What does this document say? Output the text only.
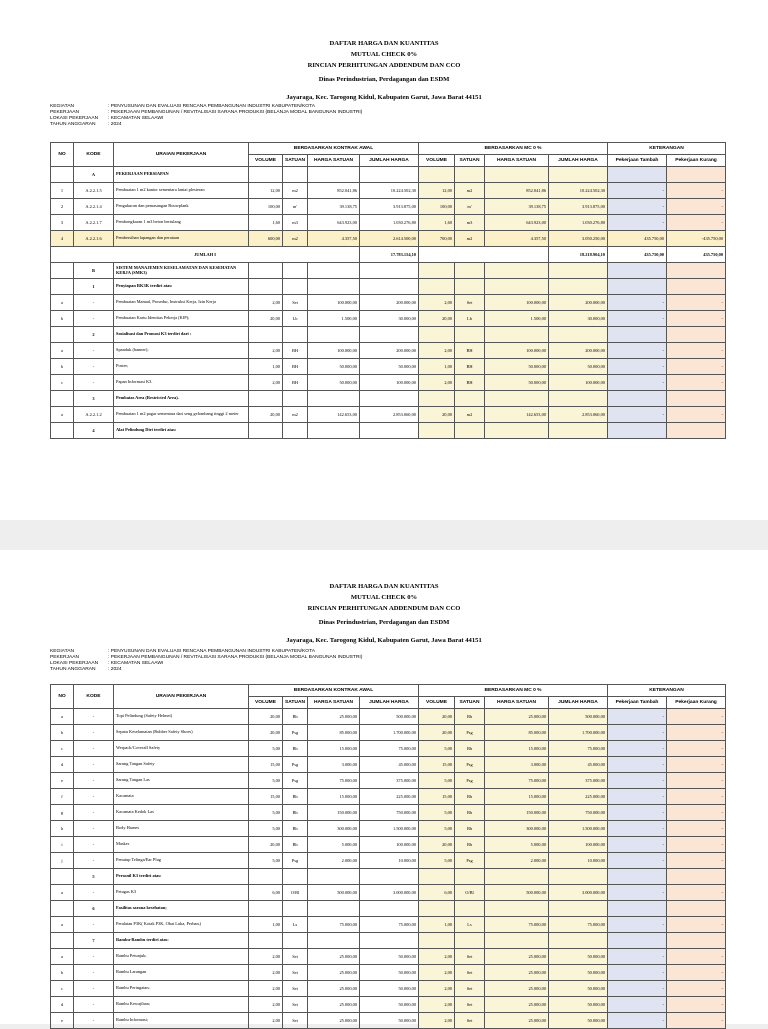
DAFTAR HARGA DAN KUANTITAS
MUTUAL CHECK 0%
RINCIAN PERHITUNGAN ADDENDUM DAN CCO
Dinas Perindustrian, Perdagangan dan ESDM
Jayaraga, Kec. Tarogong Kidul, Kabupaten Garut, Jawa Barat 44151
KEGIATAN	: PENYUSUNAN DAN EVALUASI RENCANA PEMBANGUNAN INDUSTRI KABUPATEN/KOTA
PEKERJAAN	: PEKERJAAN PEMBANGUNAN / REVITALISASI SARANA PRODUKSI (BELANJA MODAL BANGUNAN INDUSTRI)
LOKASI PEKERJAAN	: KECAMATAN SELAAWI
TAHUN ANGGARAN	: 2024
NO	KODE	URAIAN PEKERJAAN	BERDASARKAN KONTRAK AWAL				BERDASARKAN MC 0 %				KETERANGAN	
			VOLUME	SATUAN	HARGA SATUAN	JUMLAH HARGA	VOLUME	SATUAN	HARGA SATUAN	JUMLAH HARGA	Pekerjaan Tambah	Pekerjaan Kurang
	A	PEKERJAAN PERSIAPAN										
1	A.2.2.1.5	Pembuatan 1 m2 kantor sementara lantai plesteran	12,00	m2	852.041,86	10.224.502,30	12,00	m2	852.041,86	10.224.502,30	-	-
2	A.2.2.1.4	Pengukuran dan pemasangan Bouwplank	100,00	m'	39.138,75	3.913.875,00	100,00	m'	39.138,75	3.913.875,00	-	-
3	A.2.2.1.7	Pembongkaran 1 m3 beton bertulang	1,60	m3	643.923,00	1.030.276,80	1,60	m3	643.923,00	1.030.276,80	-	-
4	A.2.2.1.6	Pembersihan lapangan dan perataan	600,00	m2	4.357,50	2.614.500,00	700,00	m2	4.357,50	3.050.250,00	435.750,00	-435.750,00
JUMLAH I						17.783.154,10				18.218.904,10	435.750,00	435.750,00
	B	SISTEM MANAJEMEN KESELAMATAN DAN KESEHATAN KERJA (SMK3)										
	1	Penyiapan RK3K terdiri atas:										
a	-	Pembuatan Manual, Prosedur, Instruksi Kerja, Izin Kerja	2,00	Set	100.000,00	200.000,00	2,00	Set	100.000,00	200.000,00	-	-
b	-	Pembuatan Kartu Identitas Pekerja (KIP);	20,00	Lb	1.500,00	30.000,00	20,00	Lb	1.500,00	30.000,00	-	-
	2	Sosialisasi dan Promosi K3 terdiri dari :										
a	-	Spanduk (banner);	2,00	BH	100.000,00	200.000,00	2,00	BH	100.000,00	200.000,00	-	-
b	-	Poster;	1,00	BH	50.000,00	50.000,00	1,00	BH	50.000,00	50.000,00	-	-
c	-	Papan Informasi K3.	2,00	BH	50.000,00	100.000,00	2,00	BH	50.000,00	100.000,00	-	-
	3	Pembatas Area (Restricted Area).										
a	A.2.2.1.2	Pembuatan 1 m2 pagar sementara dari seng gelombang tinggi 2 meter	20,00	m2	142.653,00	2.853.060,00	20,00	m2	142.653,00	2.853.060,00	-	-
	4	Alat Pelindung Diri terdiri atas:										
DAFTAR HARGA DAN KUANTITAS
MUTUAL CHECK 0%
RINCIAN PERHITUNGAN ADDENDUM DAN CCO
Dinas Perindustrian, Perdagangan dan ESDM
Jayaraga, Kec. Tarogong Kidul, Kabupaten Garut, Jawa Barat 44151
KEGIATAN	: PENYUSUNAN DAN EVALUASI RENCANA PEMBANGUNAN INDUSTRI KABUPATEN/KOTA
PEKERJAAN	: PEKERJAAN PEMBANGUNAN / REVITALISASI SARANA PRODUKSI (BELANJA MODAL BANGUNAN INDUSTRI)
LOKASI PEKERJAAN	: KECAMATAN SELAAWI
TAHUN ANGGARAN	: 2024
NO	KODE	URAIAN PEKERJAAN	BERDASARKAN KONTRAK AWAL				BERDASARKAN MC 0 %				KETERANGAN	
			VOLUME	SATUAN	HARGA SATUAN	JUMLAH HARGA	VOLUME	SATUAN	HARGA SATUAN	JUMLAH HARGA	Pekerjaan Tambah	Pekerjaan Kurang
a	-	Topi Pelindung (Safety Helmet)	20,00	Bh	25.000,00	500.000,00	20,00	Bh	25.000,00	500.000,00	-	-
b	-	Sepatu Keselamatan (Rubber Safety Shoes)	20,00	Psg	85.000,00	1.700.000,00	20,00	Psg	85.000,00	1.700.000,00	-	-
c	-	Werpack/Coverall Safety	5,00	Bh	15.000,00	75.000,00	5,00	Bh	15.000,00	75.000,00	-	-
d	-	Sarung Tangan Safety	15,00	Psg	3.000,00	45.000,00	15,00	Psg	3.000,00	45.000,00	-	-
e	-	Sarung Tangan Las	5,00	Psg	75.000,00	375.000,00	5,00	Psg	75.000,00	375.000,00	-	-
f	-	Kacamata	15,00	Bh	15.000,00	225.000,00	15,00	Bh	15.000,00	225.000,00	-	-
g	-	Kacamata Kedok Las	5,00	Bh	150.000,00	750.000,00	5,00	Bh	150.000,00	750.000,00	-	-
h	-	Body Harnes	5,00	Bh	300.000,00	1.500.000,00	5,00	Bh	300.000,00	1.500.000,00	-	-
i	-	Masker	20,00	Bh	5.000,00	100.000,00	20,00	Bh	5.000,00	100.000,00	-	-
j	-	Penutup Telinga/Ear Plug	5,00	Psg	2.000,00	10.000,00	5,00	Psg	2.000,00	10.000,00	-	-
	5	Personil K3 terdiri atas:										
a	-	Petugas K3	6,00	O/Bl	500.000,00	3.000.000,00	6,00	O/Bl	500.000,00	3.000.000,00	-	-
	6	Fasilitas sarana kesehatan;										
a	-	Peralatan P3K( Kotak P3K, Obat Luka, Perban,)	1,00	Ls	75.000,00	75.000,00	1,00	Ls	75.000,00	75.000,00	-	-
	7	Rambu-Rambu terdiri atas:										
a	-	Rambu Petunjuk;	2,00	Set	25.000,00	50.000,00	2,00	Set	25.000,00	50.000,00	-	-
b	-	Rambu Larangan	2,00	Set	25.000,00	50.000,00	2,00	Set	25.000,00	50.000,00	-	-
c	-	Rambu Peringatan;	2,00	Set	25.000,00	50.000,00	2,00	Set	25.000,00	50.000,00	-	-
d	-	Rambu Kewajiban;	2,00	Set	25.000,00	50.000,00	2,00	Set	25.000,00	50.000,00	-	-
e	-	Rambu Informasi;	2,00	Set	25.000,00	50.000,00	2,00	Set	25.000,00	50.000,00	-	-
